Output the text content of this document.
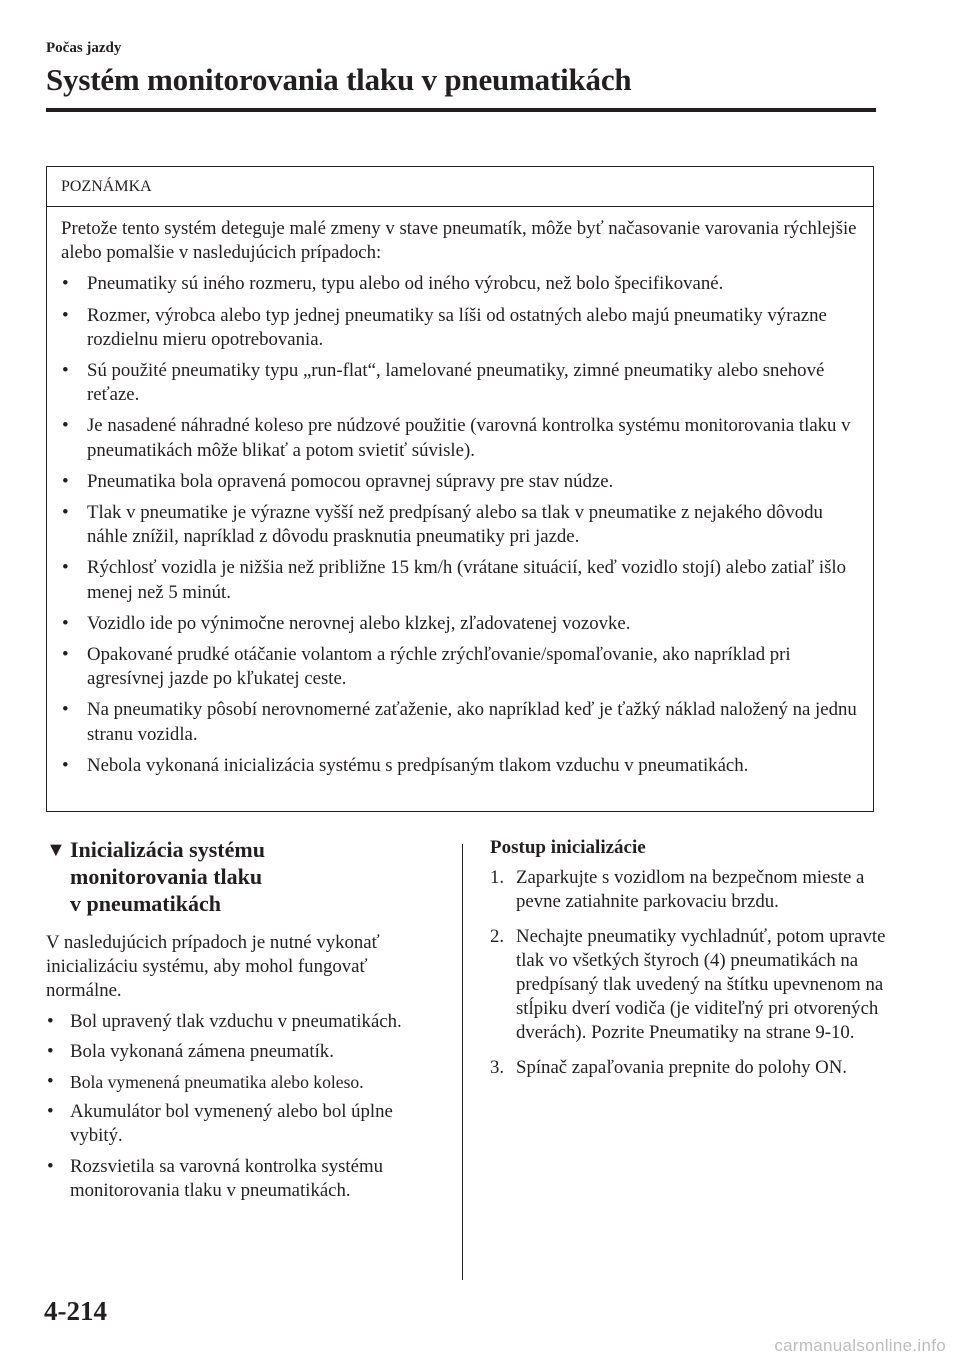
Počas jazdy
Systém monitorovania tlaku v pneumatikách
POZNÁMKA

Pretože tento systém deteguje malé zmeny v stave pneumatík, môže byť načasovanie varovania rýchlejšie alebo pomalšie v nasledujúcich prípadoch:

• Pneumatiky sú iného rozmeru, typu alebo od iného výrobcu, než bolo špecifikované.
• Rozmer, výrobca alebo typ jednej pneumatiky sa líši od ostatných alebo majú pneumatiky výrazne rozdielnu mieru opotrebovania.
• Sú použité pneumatiky typu „run-flat“, lamelované pneumatiky, zimné pneumatiky alebo snehové reťaze.
• Je nasadené náhradné koleso pre núdzové použitie (varovná kontrolka systému monitorovania tlaku v pneumatikách môže blikať a potom svietiť súvisle).
• Pneumatika bola opravená pomocou opravnej súpravy pre stav núdze.
• Tlak v pneumatike je výrazne vyšší než predpísaný alebo sa tlak v pneumatike z nejakého dôvodu náhle znížil, napríklad z dôvodu prasknutia pneumatiky pri jazde.
• Rýchlosť vozidla je nižšia než približne 15 km/h (vrátane situácií, keď vozidlo stojí) alebo zatiaľ išlo menej než 5 minút.
• Vozidlo ide po výnimočne nerovnej alebo klzkej, zľadovatenej vozovke.
• Opakované prudké otáčanie volantom a rýchle zrýchľovanie/spomaľovanie, ako napríklad pri agresívnej jazde po kľukatej ceste.
• Na pneumatiky pôsobí nerovnomerné zaťaženie, ako napríklad keď je ťažký náklad naložený na jednu stranu vozidla.
• Nebola vykonaná inicializácia systému s predpísaným tlakom vzduchu v pneumatikách.
▼ Inicializácia systému
monitorovania tlaku
v pneumatikách

V nasledujúcich prípadoch je nutné vykonať inicializáciu systému, aby mohol fungovať normálne.

• Bol upravený tlak vzduchu v pneumatikách.
• Bola vykonaná zámena pneumatík.
• Bola vymenená pneumatika alebo koleso.
• Akumulátor bol vymenený alebo bol úplne vybitý.
• Rozsvietila sa varovná kontrolka systému monitorovania tlaku v pneumatikách.
Postup inicializácie
1. Zaparkujte s vozidlom na bezpečnom mieste a pevne zatiahnite parkovaciu brzdu.
2. Nechajte pneumatiky vychladnúť, potom upravte tlak vo všetkých štyroch (4) pneumatikách na predpísaný tlak uvedený na štítku upevnenom na stĺpiku dverí vodiča (je viditeľný pri otvorených dverách). Pozrite Pneumatiky na strane 9-10.
3. Spínač zapaľovania prepnite do polohy ON.
4-214
carmanualsonline.info
